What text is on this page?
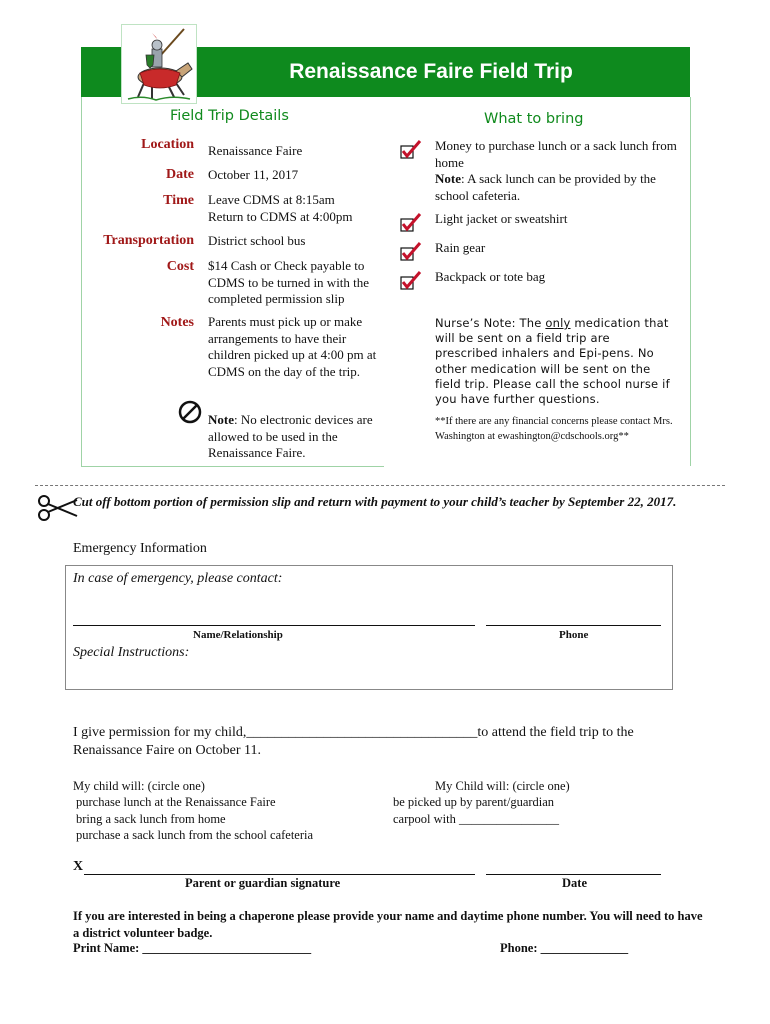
Renaissance Faire Field Trip
Field Trip Details
Location Renaissance Faire
Date October 11, 2017
Time Leave CDMS at 8:15am
Return to CDMS at 4:00pm
Transportation District school bus
Cost $14 Cash or Check payable to CDMS to be turned in with the completed permission slip
Notes Parents must pick up or make arrangements to have their children picked up at 4:00 pm at CDMS on the day of the trip.
Note: No electronic devices are allowed to be used in the Renaissance Faire.
What to bring
Money to purchase lunch or a sack lunch from home
Note: A sack lunch can be provided by the school cafeteria.
Light jacket or sweatshirt
Rain gear
Backpack or tote bag
Nurse’s Note: The only medication that will be sent on a field trip are prescribed inhalers and Epi-pens. No other medication will be sent on the field trip. Please call the school nurse if you have further questions.
**If there are any financial concerns please contact Mrs. Washington at ewashington@cdschools.org**
Cut off bottom portion of permission slip and return with payment to your child’s teacher by September 22, 2017.
Emergency Information
In case of emergency, please contact:
Name/Relationship	Phone
Special Instructions:
I give permission for my child,_________________________________to attend the field trip to the
Renaissance Faire on October 11.
My child will: (circle one)
purchase lunch at the Renaissance Faire
bring a sack lunch from home
purchase a sack lunch from the school cafeteria
My Child will: (circle one)
be picked up by parent/guardian
carpool with ________________
X
Parent or guardian signature	Date
If you are interested in being a chaperone please provide your name and daytime phone number. You will need to have a district volunteer badge.
Print Name: ___________________________	Phone: ______________
